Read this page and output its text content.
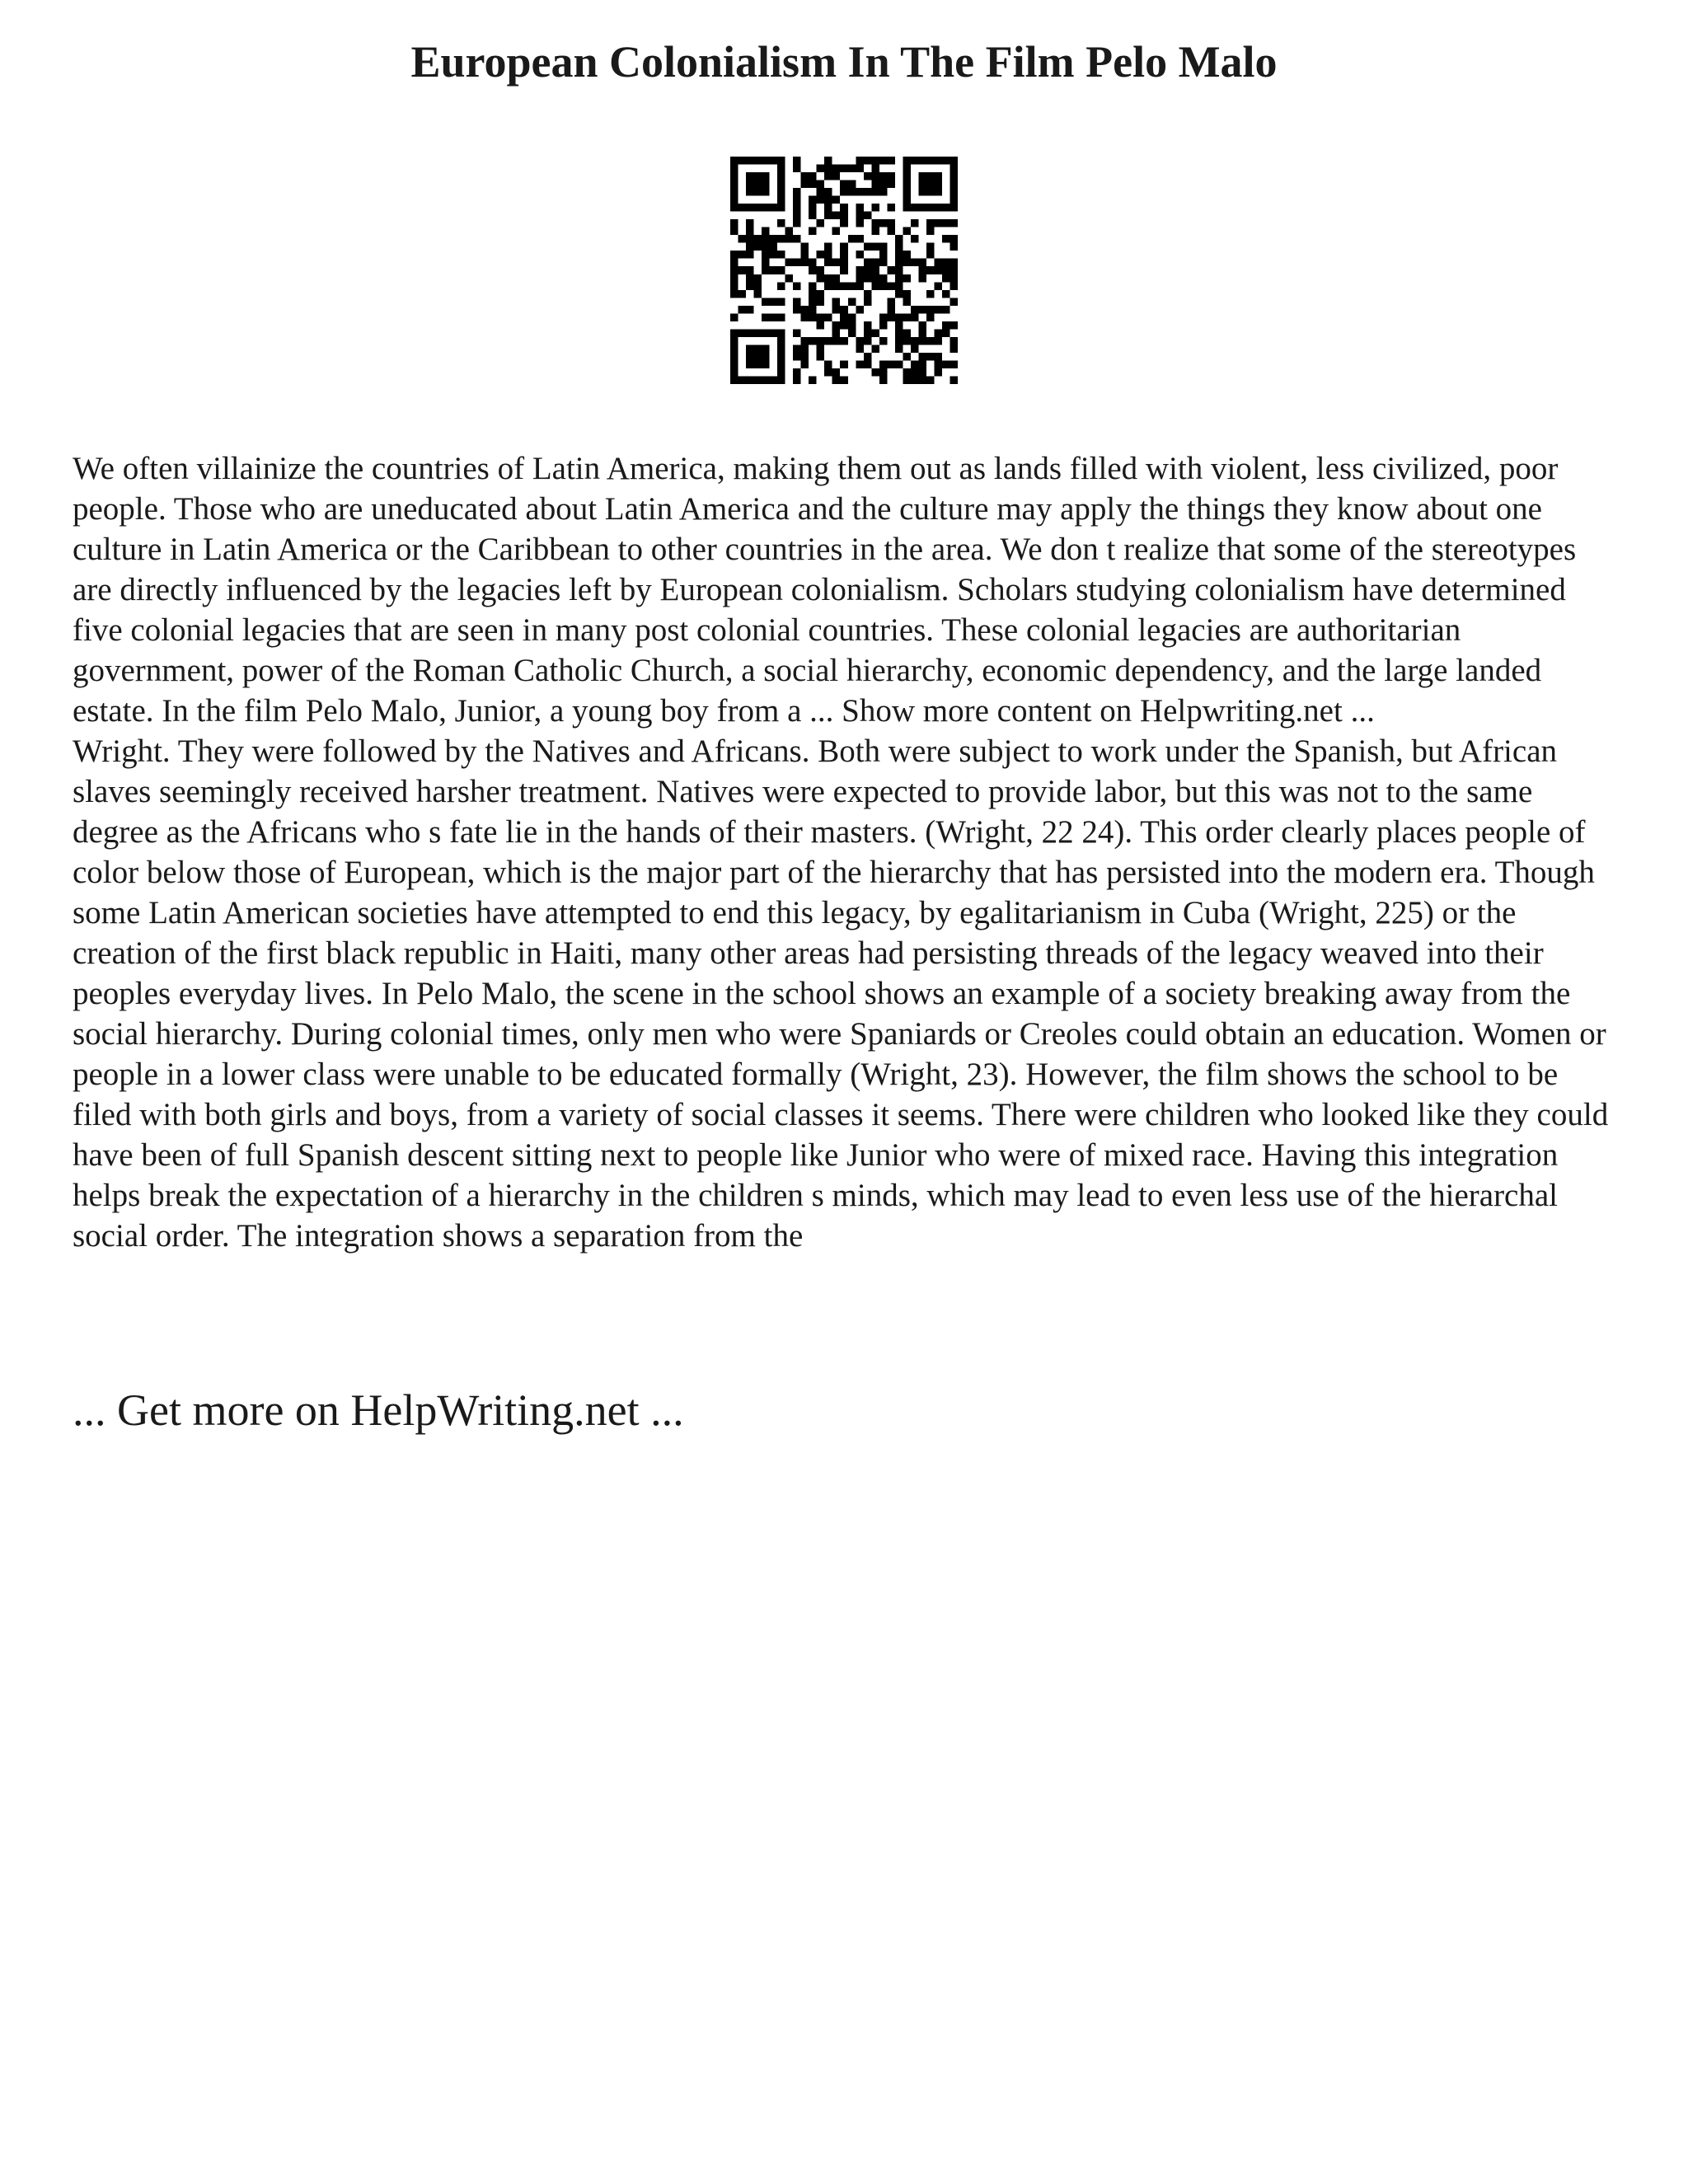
European Colonialism In The Film Pelo Malo

We often villainize the countries of Latin America, making them out as lands filled with violent, less civilized, poor people. Those who are uneducated about Latin America and the culture may apply the things they know about one culture in Latin America or the Caribbean to other countries in the area. We don t realize that some of the stereotypes are directly influenced by the legacies left by European colonialism. Scholars studying colonialism have determined five colonial legacies that are seen in many post colonial countries. These colonial legacies are authoritarian government, power of the Roman Catholic Church, a social hierarchy, economic dependency, and the large landed estate. In the film Pelo Malo, Junior, a young boy from a ... Show more content on Helpwriting.net ...

Wright. They were followed by the Natives and Africans. Both were subject to work under the Spanish, but African slaves seemingly received harsher treatment. Natives were expected to provide labor, but this was not to the same degree as the Africans who s fate lie in the hands of their masters. (Wright, 22 24). This order clearly places people of color below those of European, which is the major part of the hierarchy that has persisted into the modern era. Though some Latin American societies have attempted to end this legacy, by egalitarianism in Cuba (Wright, 225) or the creation of the first black republic in Haiti, many other areas had persisting threads of the legacy weaved into their peoples everyday lives. In Pelo Malo, the scene in the school shows an example of a society breaking away from the social hierarchy. During colonial times, only men who were Spaniards or Creoles could obtain an education. Women or people in a lower class were unable to be educated formally (Wright, 23). However, the film shows the school to be filed with both girls and boys, from a variety of social classes it seems. There were children who looked like they could have been of full Spanish descent sitting next to people like Junior who were of mixed race. Having this integration helps break the expectation of a hierarchy in the children s minds, which may lead to even less use of the hierarchal social order. The integration shows a separation from the

... Get more on HelpWriting.net ...
